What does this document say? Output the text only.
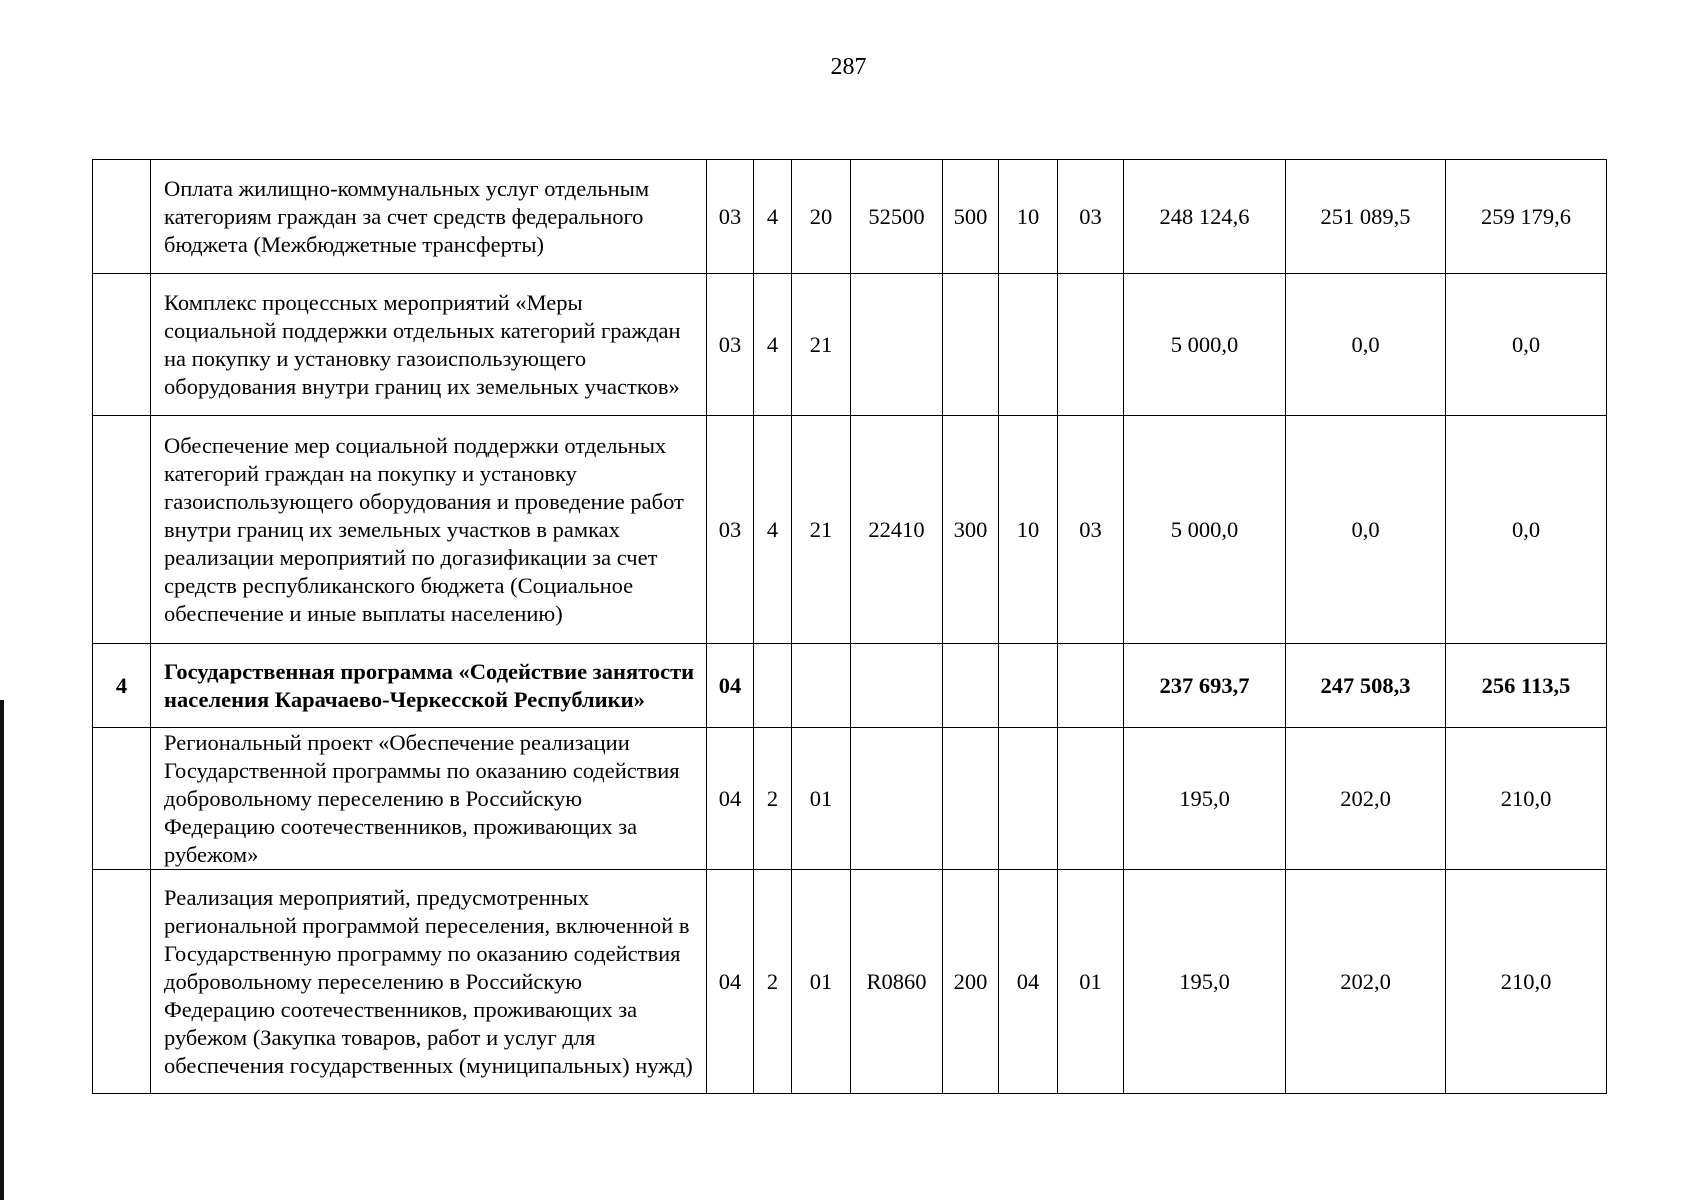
287
	Оплата жилищно-коммунальных услуг отдельным категориям граждан за счет средств федерального бюджета (Межбюджетные трансферты)	03	4	20	52500	500	10	03	248 124,6	251 089,5	259 179,6
	Комплекс процессных мероприятий «Меры социальной поддержки отдельных категорий граждан на покупку и установку газоиспользующего оборудования внутри границ их земельных участков»	03	4	21					5 000,0	0,0	0,0
	Обеспечение мер социальной поддержки отдельных категорий граждан на покупку и установку газоиспользующего оборудования и проведение работ внутри границ их земельных участков в рамках реализации мероприятий по догазификации за счет средств республиканского бюджета (Социальное обеспечение и иные выплаты населению)	03	4	21	22410	300	10	03	5 000,0	0,0	0,0
4	Государственная программа «Содействие занятости населения Карачаево-Черкесской Республики»	04							237 693,7	247 508,3	256 113,5
	Региональный проект «Обеспечение реализации Государственной программы по оказанию содействия добровольному переселению в Российскую Федерацию соотечественников, проживающих за рубежом»	04	2	01					195,0	202,0	210,0
	Реализация мероприятий, предусмотренных региональной программой переселения, включенной в Государственную программу по оказанию содействия добровольному переселению в Российскую Федерацию соотечественников, проживающих за рубежом (Закупка товаров, работ и услуг для обеспечения государственных (муниципальных) нужд)	04	2	01	R0860	200	04	01	195,0	202,0	210,0
